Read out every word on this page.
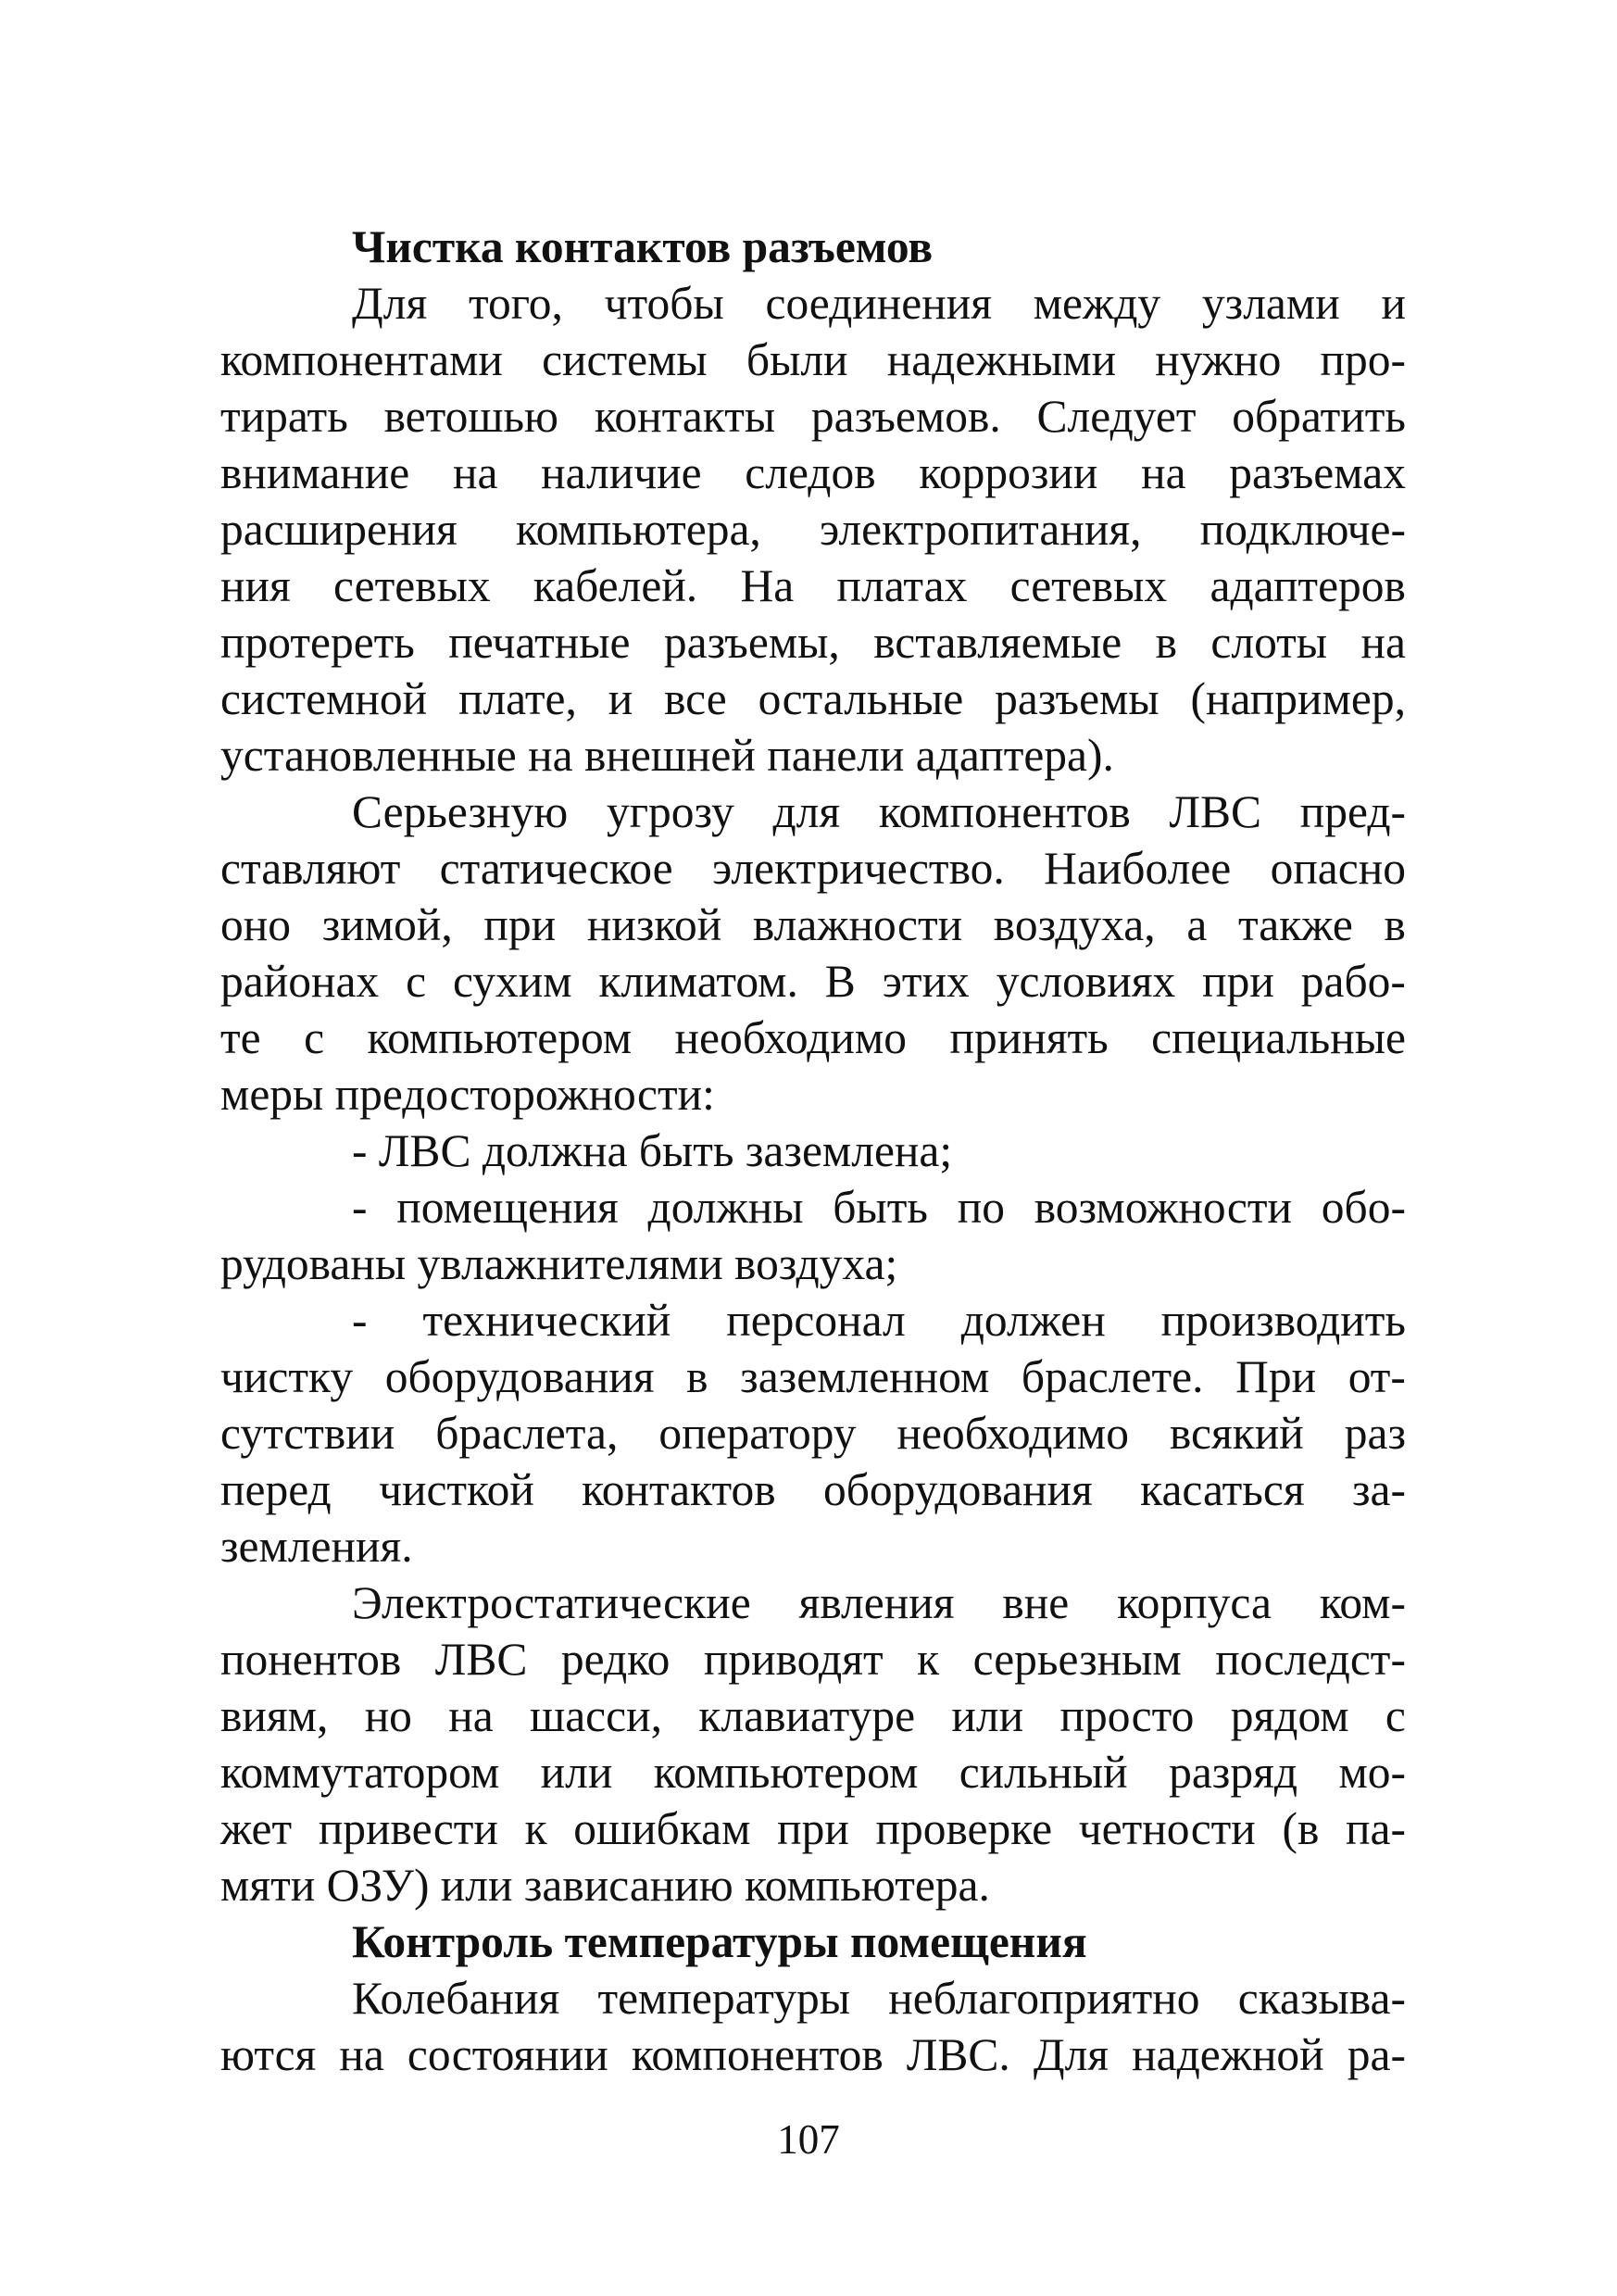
Чистка контактов разъемов
Для того, чтобы соединения между узлами и
компонентами системы были надежными нужно про-
тирать ветошью контакты разъемов. Следует обратить
внимание на наличие следов коррозии на разъемах
расширения компьютера, электропитания, подключе-
ния сетевых кабелей. На платах сетевых адаптеров
протереть печатные разъемы, вставляемые в слоты на
системной плате, и все остальные разъемы (например,
установленные на внешней панели адаптера).
Серьезную угрозу для компонентов ЛВС пред-
ставляют статическое электричество. Наиболее опасно
оно зимой, при низкой влажности воздуха, а также в
районах с сухим климатом. В этих условиях при рабо-
те с компьютером необходимо принять специальные
меры предосторожности:
- ЛВС должна быть заземлена;
- помещения должны быть по возможности обо-
рудованы увлажнителями воздуха;
- технический персонал должен производить
чистку оборудования в заземленном браслете. При от-
сутствии браслета, оператору необходимо всякий раз
перед чисткой контактов оборудования касаться за-
земления.
Электростатические явления вне корпуса ком-
понентов ЛВС редко приводят к серьезным последст-
виям, но на шасси, клавиатуре или просто рядом с
коммутатором или компьютером сильный разряд мо-
жет привести к ошибкам при проверке четности (в па-
мяти ОЗУ) или зависанию компьютера.
Контроль температуры помещения
Колебания температуры неблагоприятно сказыва-
ются на состоянии компонентов ЛВС. Для надежной ра-
107
